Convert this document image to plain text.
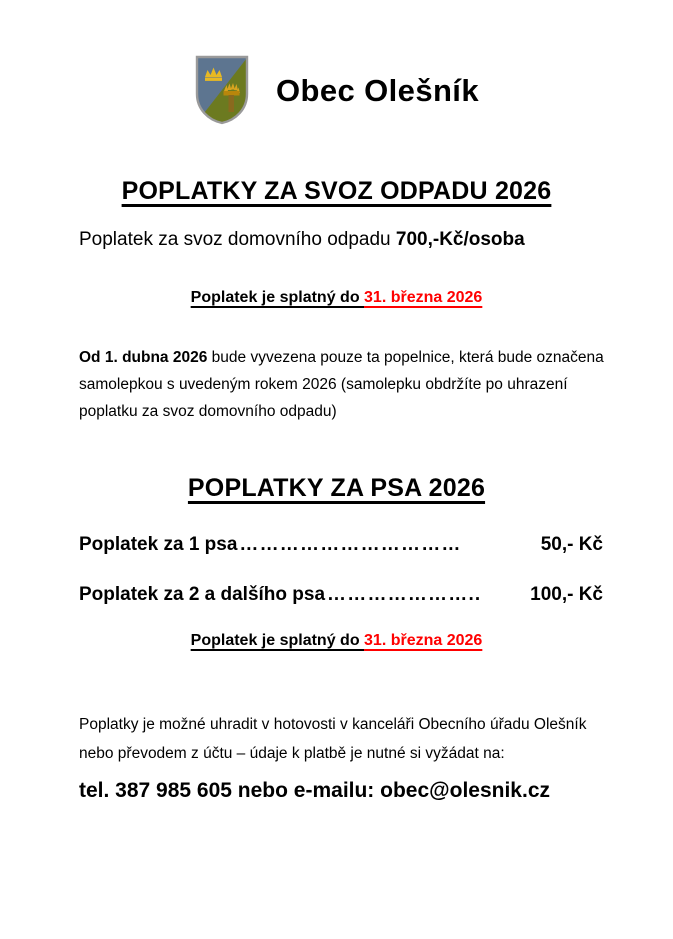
Obec Olešník
POPLATKY ZA SVOZ ODPADU 2026
Poplatek za svoz domovního odpadu 700,-Kč/osoba
Poplatek je splatný do 31. března 2026
Od 1. dubna 2026 bude vyvezena pouze ta popelnice, která bude označena samolepkou s uvedeným rokem 2026 (samolepku obdržíte po uhrazení poplatku za svoz domovního odpadu)
POPLATKY ZA PSA 2026
Poplatek za 1 psa ……………………………	50,- Kč
Poplatek za 2 a dalšího psa …………………..	100,- Kč
Poplatek je splatný do 31. března 2026
Poplatky je možné uhradit v hotovosti v kanceláři Obecního úřadu Olešník
nebo převodem z účtu – údaje k platbě je nutné si vyžádat na:
tel. 387 985 605 nebo e-mailu: obec@olesnik.cz
